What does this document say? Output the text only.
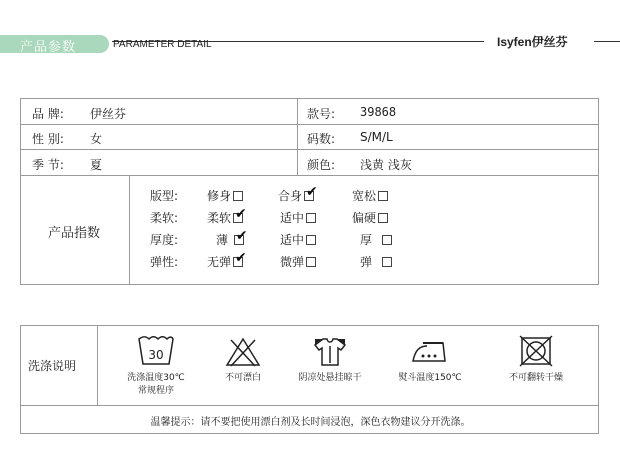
产品参数	PARAMETER DETAIL	Isyfen伊丝芬
品 牌: 伊丝芬	款号: 39868
性 别: 女	码数: S/M/L
季 节: 夏	颜色: 浅黄 浅灰
产品指数
版型: 修身	合身 ✔	宽松
柔软: 柔软 ✔	适中	偏硬
厚度:	薄 ✔	适中	厚
弹性: 无弹 ✔	微弹	弹
洗涤说明
30
洗涤温度30℃
常规程序
不可漂白	阴凉处悬挂晾干	熨斗温度150℃	不可翻转干燥
温馨提示：请不要把使用漂白剂及长时间浸泡，深色衣物建议分开洗涤。
